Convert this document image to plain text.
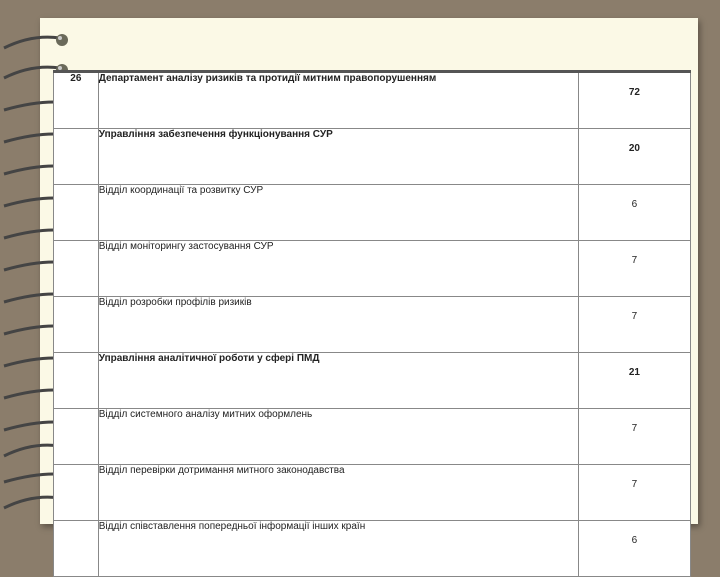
26	Департамент аналізу ризиків та протидії митним правопорушенням	72
	Управління забезпечення функціонування СУР	20
	Відділ координації та розвитку СУР	6
	Відділ моніторингу застосування СУР	7
	Відділ розробки профілів ризиків	7
	Управління аналітичної роботи у сфері ПМД	21
	Відділ системного аналізу митних оформлень	7
	Відділ перевірки дотримання митного законодавства	7
	Відділ співставлення попередньої інформації інших країн	6
